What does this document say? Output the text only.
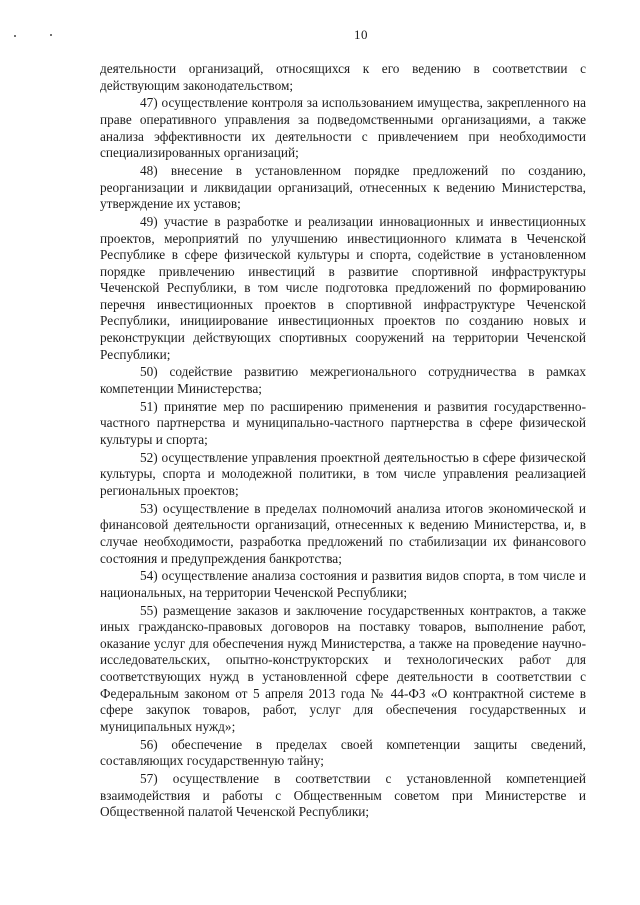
10

деятельности организаций, относящихся к его ведению в соответствии с действующим законодательством;

47) осуществление контроля за использованием имущества, закрепленного на праве оперативного управления за подведомственными организациями, а также анализа эффективности их деятельности с привлечением при необходимости специализированных организаций;

48) внесение в установленном порядке предложений по созданию, реорганизации и ликвидации организаций, отнесенных к ведению Министерства, утверждение их уставов;

49) участие в разработке и реализации инновационных и инвестиционных проектов, мероприятий по улучшению инвестиционного климата в Чеченской Республике в сфере физической культуры и спорта, содействие в установленном порядке привлечению инвестиций в развитие спортивной инфраструктуры Чеченской Республики, в том числе подготовка предложений по формированию перечня инвестиционных проектов в спортивной инфраструктуре Чеченской Республики, инициирование инвестиционных проектов по созданию новых и реконструкции действующих спортивных сооружений на территории Чеченской Республики;

50) содействие развитию межрегионального сотрудничества в рамках компетенции Министерства;

51) принятие мер по расширению применения и развития государственно-частного партнерства и муниципально-частного партнерства в сфере физической культуры и спорта;

52) осуществление управления проектной деятельностью в сфере физической культуры, спорта и молодежной политики, в том числе управления реализацией региональных проектов;

53) осуществление в пределах полномочий анализа итогов экономической и финансовой деятельности организаций, отнесенных к ведению Министерства, и, в случае необходимости, разработка предложений по стабилизации их финансового состояния и предупреждения банкротства;

54) осуществление анализа состояния и развития видов спорта, в том числе и национальных, на территории Чеченской Республики;

55) размещение заказов и заключение государственных контрактов, а также иных гражданско-правовых договоров на поставку товаров, выполнение работ, оказание услуг для обеспечения нужд Министерства, а также на проведение научно-исследовательских, опытно-конструкторских и технологических работ для соответствующих нужд в установленной сфере деятельности в соответствии с Федеральным законом от 5 апреля 2013 года № 44-ФЗ «О контрактной системе в сфере закупок товаров, работ, услуг для обеспечения государственных и муниципальных нужд»;

56) обеспечение в пределах своей компетенции защиты сведений, составляющих государственную тайну;

57) осуществление в соответствии с установленной компетенцией взаимодействия и работы с Общественным советом при Министерстве и Общественной палатой Чеченской Республики;
